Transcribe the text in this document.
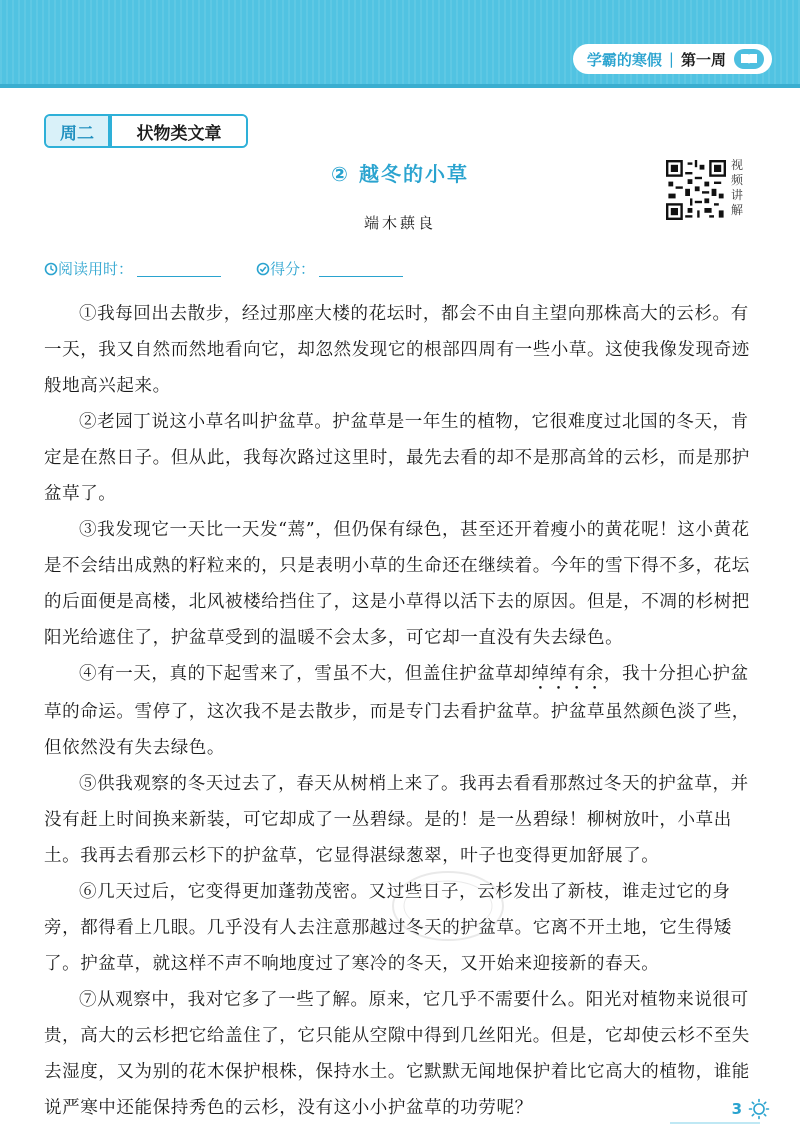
学霸的寒假 | 第一周
周二	状物类文章
② 越冬的小草
端木蕻良
视频讲解
阅读用时：	得分：

①我每回出去散步，经过那座大楼的花坛时，都会不由自主望向那株高大的云杉。有一天，我又自然而然地看向它，却忽然发现它的根部四周有一些小草。这使我像发现奇迹般地高兴起来。

②老园丁说这小草名叫护盆草。护盆草是一年生的植物，它很难度过北国的冬天，肯定是在熬日子。但从此，我每次路过这里时，最先去看的却不是那高耸的云杉，而是那护盆草了。

③我发现它一天比一天发“蔫”，但仍保有绿色，甚至还开着瘦小的黄花呢！这小黄花是不会结出成熟的籽粒来的，只是表明小草的生命还在继续着。今年的雪下得不多，花坛的后面便是高楼，北风被楼给挡住了，这是小草得以活下去的原因。但是，不凋的杉树把阳光给遮住了，护盆草受到的温暖不会太多，可它却一直没有失去绿色。

④有一天，真的下起雪来了，雪虽不大，但盖住护盆草却绰绰有余，我十分担心护盆草的命运。雪停了，这次我不是去散步，而是专门去看护盆草。护盆草虽然颜色淡了些，但依然没有失去绿色。

⑤供我观察的冬天过去了，春天从树梢上来了。我再去看看那熬过冬天的护盆草，并没有赶上时间换来新装，可它却成了一丛碧绿。是的！是一丛碧绿！柳树放叶，小草出土。我再去看那云杉下的护盆草，它显得湛绿葱翠，叶子也变得更加舒展了。

⑥几天过后，它变得更加蓬勃茂密。又过些日子，云杉发出了新枝，谁走过它的身旁，都得看上几眼。几乎没有人去注意那越过冬天的护盆草。它离不开土地，它生得矮了。护盆草，就这样不声不响地度过了寒冷的冬天，又开始来迎接新的春天。

⑦从观察中，我对它多了一些了解。原来，它几乎不需要什么。阳光对植物来说很可贵，高大的云杉把它给盖住了，它只能从空隙中得到几丝阳光。但是，它却使云杉不至失去湿度，又为别的花木保护根株，保持水土。它默默无闻地保护着比它高大的植物，谁能说严寒中还能保持秀色的云杉，没有这小小护盆草的功劳呢？	3
